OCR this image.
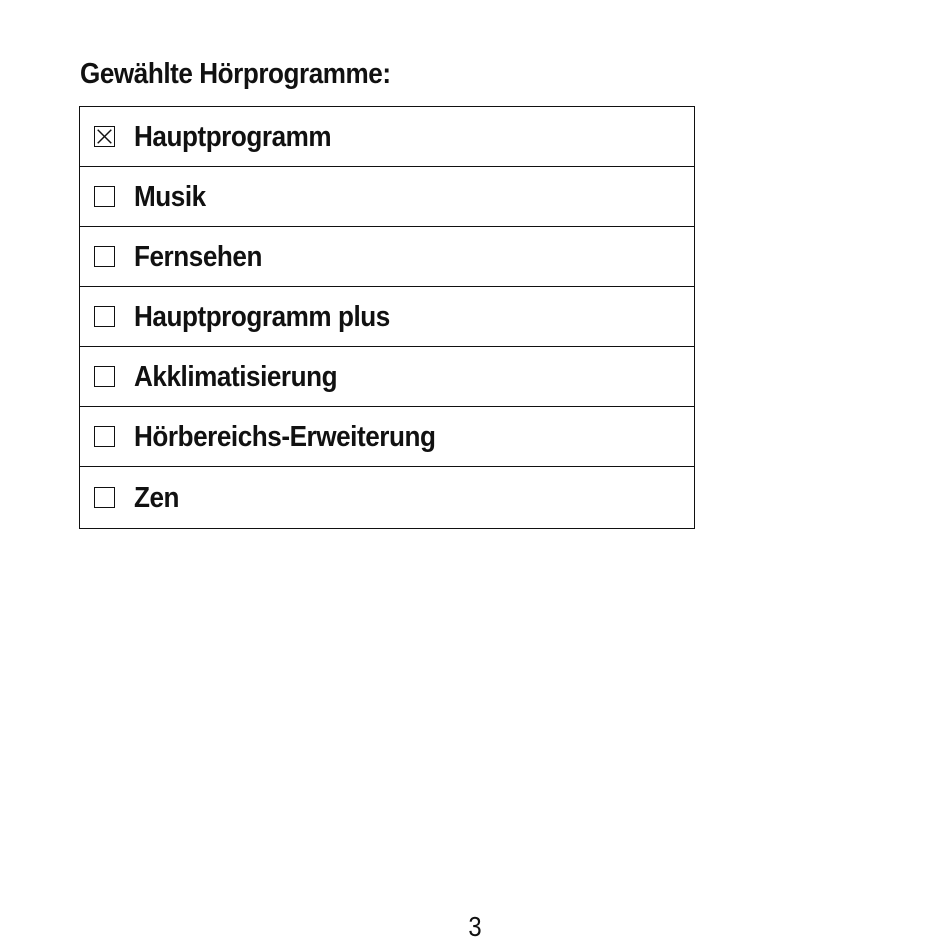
Gewählte Hörprogramme:
Hauptprogramm
Musik
Fernsehen
Hauptprogramm plus
Akklimatisierung
Hörbereichs-Erweiterung
Zen
3
